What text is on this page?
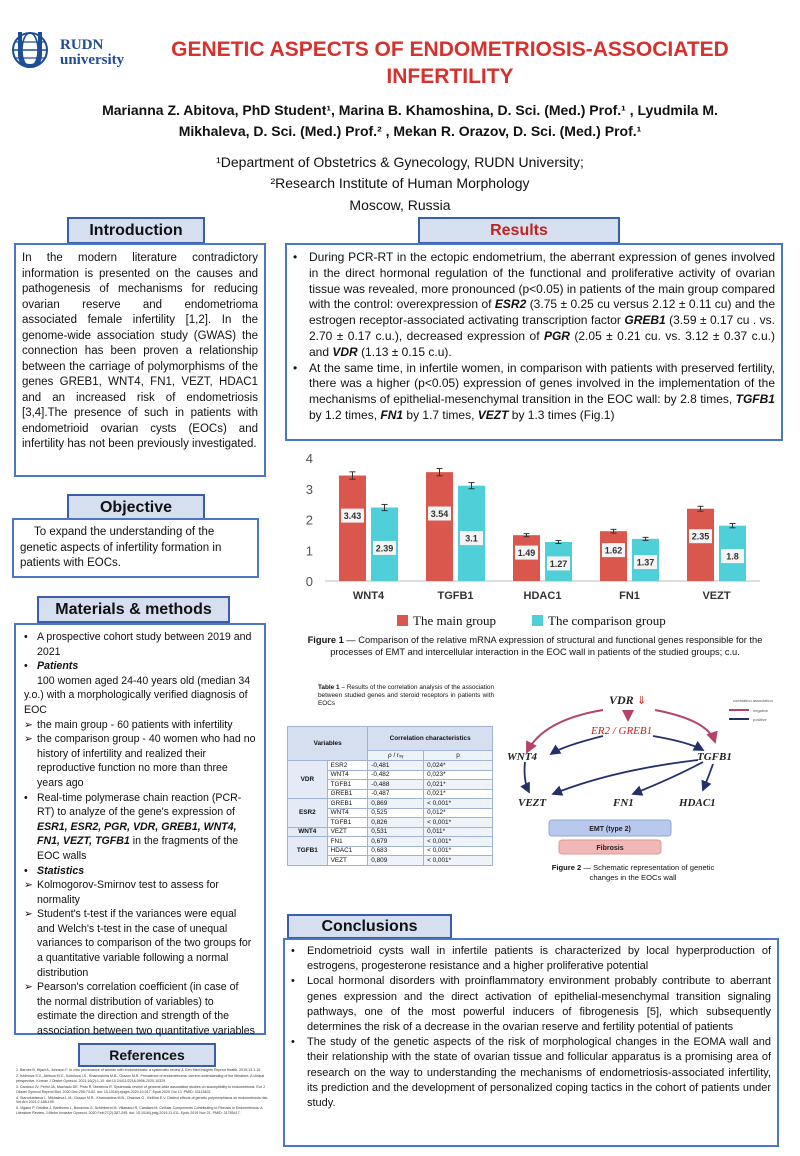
RUDN
university	GENETIC ASPECTS OF ENDOMETRIOSIS-ASSOCIATED INFERTILITY
Marianna Z. Abitova, PhD Student¹, Marina B. Khamoshina, D. Sci. (Med.) Prof.¹ , Lyudmila M. Mikhaleva, D. Sci. (Med.) Prof.² , Mekan R. Orazov, D. Sci. (Med.) Prof.¹
¹Department of Obstetrics & Gynecology, RUDN University;
²Research Institute of Human Morphology
Moscow, Russia
Introduction
In the modern literature contradictory information is presented on the causes and pathogenesis of mechanisms for reducing ovarian reserve and endometrioma associated female infertility [1,2]. In the genome-wide association study (GWAS) the connection has been proven a relationship between the carriage of polymorphisms of the genes GREB1, WNT4, FN1, VEZT, HDAC1 and an increased risk of endometriosis [3,4].The presence of such in patients with endometrioid ovarian cysts (EOCs) and infertility has not been previously investigated.
Objective
To expand the understanding of the genetic aspects of infertility formation in patients with EOCs.
Materials & methods
• A prospective cohort study between 2019 and 2021
• Patients
100 women aged 24-40 years old (median 34 y.o.) with a morphologically verified diagnosis of EOC
➢ the main group - 60 patients with infertility
➢ the comparison group - 40 women who had no history of infertility and realized their reproductive function no more than three years ago
• Real-time polymerase chain reaction (PCR-RT) to analyze of the gene's expression of ESR1, ESR2, PGR, VDR, GREB1, WNT4, FN1, VEZT, TGFB1 in the fragments of the EOC walls
• Statistics
➢ Kolmogorov-Smirnov test to assess for normality
➢ Student's t-test if the variances were equal and Welch's t-test in the case of unequal variances to comparison of the two groups for a quantitative variable following a normal distribution
➢ Pearson's correlation coefficient (in case of the normal distribution of variables) to estimate the direction and strength of the association between two quantitative variables
References
1. Barnes B, Hijazi A, Johnson F. In vitro provenance of women with endometriosis: a systematic review & Gen Med Insights Reprod Health. 2019;13:1-10.
2. Ishimova S.V., Abitova M.Z., Sokolova I.S., Khamoshina M.B., Orazov M.R. Prevalence of endometrioma: current understanding of the literature: A clinical perspective. Korean J Obstet Gynecol. 2021;16(2):1-10. doi:10.24411/2218-0906-2020-10329.
3. Cardoso JV, Perini JA, Machado DE, Pinto R, Medeiros R. Systematic review of genome-wide association studies on susceptibility to endometriosis. Eur J Obstet Gynecol Reprod Biol. 2020 Dec;255:74-82. doi: 10.1016/j.ejogrb.2020.10.017. Epub 2020 Oct 13. PMID: 33113402.
4. Starodubtseva I., Mikhaleva L.M., Orazov M.R., Khamoshina M.B., Orazova G., Kirillina E.V. Distinct effects of genetic polymorphisms on endometriosis risk. Vet Arh 2021;2:188-199.
5. Vigano P, Ottolina J, Bartiromo L, Bonavina G, Schimberni M, Villanacci R, Candiani M. Cellular Components Contributing to Fibrosis in Endometriosis: A Literature Review. J Minim Invasive Gynecol. 2020 Feb;27(2):287-295. doi: 10.1016/j.jmig.2019.11.011. Epub 2019 Nov 21. PMID: 31785417.
Results

• During PCR-RT in the ectopic endometrium, the aberrant expression of genes involved in the direct hormonal regulation of the functional and proliferative activity of ovarian tissue was revealed, more pronounced (p<0.05) in patients of the main group compared with the control: overexpression of ESR2 (3.75 ± 0.25 cu versus 2.12 ± 0.11 cu) and the estrogen receptor-associated activating transcription factor GREB1 (3.59 ± 0.17 cu . vs. 2.70 ± 0.17 c.u.), decreased expression of PGR (2.05 ± 0.21 cu. vs. 3.12 ± 0.37 c.u.) and VDR (1.13 ± 0.15 c.u).

• At the same time, in infertile women, in comparison with patients with preserved fertility, there was a higher (p<0.05) expression of genes involved in the implementation of the mechanisms of epithelial-mesenchymal transition in the EOC wall: by 2.8 times, TGFB1 by 1.2 times, FN1 by 1.7 times, VEZT by 1.3 times (Fig.1)

0
1
2
3
4
3.43
2.39
WNT4
3.54
3.1
TGFB1
1.49
1.27
HDAC1
1.62
1.37
FN1
2.35
1.8
VEZT
The main group	The comparison group
Figure 1 — Comparison of the relative mRNA expression of structural and functional genes responsible for the processes of EMT and intercellular interaction in the EOC wall in patients of the studied groups; c.u.
Table 1 – Results of the correlation analysis of the association between studied genes and steroid receptors in patients with EOCs
Variables		Correlation characteristics	
		ρ / rₓᵧ	p
VDR	ESR2	-0,481	0,024*
	WNT4	-0,482	0,023*
	TGFB1	-0,488	0,021*
	GREB1	-0,487	0,021*
ESR2	GREB1	0,869	< 0,001*
	WNT4	0,525	0,012*
	TGFB1	0,826	< 0,001*
WNT4	VEZT	0,531	0,011*
TGFB1	FN1	0,679	< 0,001*
	HDAC1	0,683	< 0,001*
	VEZT	0,809	< 0,001*
VDR ⇓
ER2 / GREB1
WNT4	TGFB1
VEZT	FN1	HDAC1
EMT (type 2)
Fibrosis
correlation association
negative
positive
Figure 2 — Schematic representation of genetic changes in the EOCs wall
Conclusions

• Endometrioid cysts wall in infertile patients is characterized by local hyperproduction of estrogens, progesterone resistance and a higher proliferative potential

• Local hormonal disorders with proinflammatory environment probably contribute to aberrant genes expression and the direct activation of epithelial-mesenchymal transition signaling pathways, one of the most powerful inducers of fibrogenesis [5], which subsequently determines the risk of a decrease in the ovarian reserve and fertility potential of patients

• The study of the genetic aspects of the risk of morphological changes in the EOMA wall and their relationship with the state of ovarian tissue and follicular apparatus is a promising area of research on the way to understanding the mechanisms of endometriosis-associated infertility, its prediction and the development of personalized coping tactics in the cohort of patients under study.
